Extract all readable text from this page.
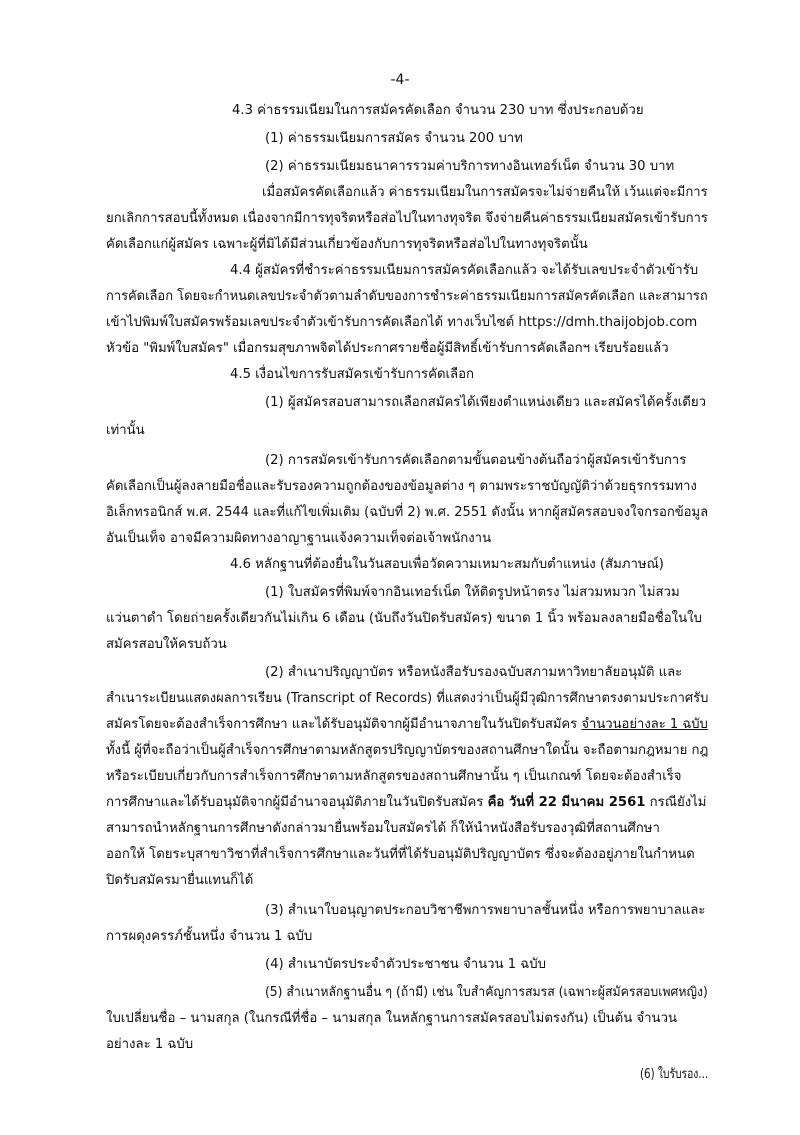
-4-
4.3 ค่าธรรมเนียมในการสมัครคัดเลือก จำนวน 230 บาท ซึ่งประกอบด้วย
(1) ค่าธรรมเนียมการสมัคร จำนวน 200 บาท
(2) ค่าธรรมเนียมธนาคารรวมค่าบริการทางอินเทอร์เน็ต จำนวน 30 บาท
เมื่อสมัครคัดเลือกแล้ว ค่าธรรมเนียมในการสมัครจะไม่จ่ายคืนให้ เว้นแต่จะมีการ
ยกเลิกการสอบนี้ทั้งหมด เนื่องจากมีการทุจริตหรือส่อไปในทางทุจริต จึงจ่ายคืนค่าธรรมเนียมสมัครเข้ารับการ
คัดเลือกแก่ผู้สมัคร เฉพาะผู้ที่มิได้มีส่วนเกี่ยวข้องกับการทุจริตหรือส่อไปในทางทุจริตนั้น
4.4 ผู้สมัครที่ชำระค่าธรรมเนียมการสมัครคัดเลือกแล้ว จะได้รับเลขประจำตัวเข้ารับ
การคัดเลือก โดยจะกำหนดเลขประจำตัวตามลำดับของการชำระค่าธรรมเนียมการสมัครคัดเลือก และสามารถ
เข้าไปพิมพ์ใบสมัครพร้อมเลขประจำตัวเข้ารับการคัดเลือกได้ ทางเว็บไซต์ https://dmh.thaijobjob.com
หัวข้อ "พิมพ์ใบสมัคร" เมื่อกรมสุขภาพจิตได้ประกาศรายชื่อผู้มีสิทธิ์เข้ารับการคัดเลือกฯ เรียบร้อยแล้ว
4.5 เงื่อนไขการรับสมัครเข้ารับการคัดเลือก
(1) ผู้สมัครสอบสามารถเลือกสมัครได้เพียงตำแหน่งเดียว และสมัครได้ครั้งเดียว
เท่านั้น
(2) การสมัครเข้ารับการคัดเลือกตามขั้นตอนข้างต้นถือว่าผู้สมัครเข้ารับการ
คัดเลือกเป็นผู้ลงลายมือชื่อและรับรองความถูกต้องของข้อมูลต่าง ๆ ตามพระราชบัญญัติว่าด้วยธุรกรรมทาง
อิเล็กทรอนิกส์ พ.ศ. 2544 และที่แก้ไขเพิ่มเติม (ฉบับที่ 2) พ.ศ. 2551 ดังนั้น หากผู้สมัครสอบจงใจกรอกข้อมูล
อันเป็นเท็จ อาจมีความผิดทางอาญาฐานแจ้งความเท็จต่อเจ้าพนักงาน
4.6 หลักฐานที่ต้องยื่นในวันสอบเพื่อวัดความเหมาะสมกับตำแหน่ง (สัมภาษณ์)
(1) ใบสมัครที่พิมพ์จากอินเทอร์เน็ต ให้ติดรูปหน้าตรง ไม่สวมหมวก ไม่สวม
แว่นตาดำ โดยถ่ายครั้งเดียวกันไม่เกิน 6 เดือน (นับถึงวันปิดรับสมัคร) ขนาด 1 นิ้ว พร้อมลงลายมือชื่อในใบ
สมัครสอบให้ครบถ้วน
(2) สำเนาปริญญาบัตร หรือหนังสือรับรองฉบับสภามหาวิทยาลัยอนุมัติ และ
สำเนาระเบียนแสดงผลการเรียน (Transcript of Records) ที่แสดงว่าเป็นผู้มีวุฒิการศึกษาตรงตามประกาศรับ
สมัครโดยจะต้องสำเร็จการศึกษา และได้รับอนุมัติจากผู้มีอำนาจภายในวันปิดรับสมัคร จำนวนอย่างละ 1 ฉบับ
ทั้งนี้ ผู้ที่จะถือว่าเป็นผู้สำเร็จการศึกษาตามหลักสูตรปริญญาบัตรของสถานศึกษาใดนั้น จะถือตามกฎหมาย กฎ
หรือระเบียบเกี่ยวกับการสำเร็จการศึกษาตามหลักสูตรของสถานศึกษานั้น ๆ เป็นเกณฑ์ โดยจะต้องสำเร็จ
การศึกษาและได้รับอนุมัติจากผู้มีอำนาจอนุมัติภายในวันปิดรับสมัคร คือ วันที่ 22 มีนาคม 2561 กรณียังไม่
สามารถนำหลักฐานการศึกษาดังกล่าวมายื่นพร้อมใบสมัครได้ ก็ให้นำหนังสือรับรองวุฒิที่สถานศึกษา
ออกให้ โดยระบุสาขาวิชาที่สำเร็จการศึกษาและวันที่ที่ได้รับอนุมัติปริญญาบัตร ซึ่งจะต้องอยู่ภายในกำหนด
ปิดรับสมัครมายื่นแทนก็ได้
(3) สำเนาใบอนุญาตประกอบวิชาชีพการพยาบาลชั้นหนึ่ง หรือการพยาบาลและ
การผดุงครรภ์ชั้นหนึ่ง จำนวน 1 ฉบับ
(4) สำเนาบัตรประจำตัวประชาชน จำนวน 1 ฉบับ
(5) สำเนาหลักฐานอื่น ๆ (ถ้ามี) เช่น ใบสำคัญการสมรส (เฉพาะผู้สมัครสอบเพศหญิง)
ใบเปลี่ยนชื่อ – นามสกุล (ในกรณีที่ชื่อ – นามสกุล ในหลักฐานการสมัครสอบไม่ตรงกัน) เป็นต้น จำนวน
อย่างละ 1 ฉบับ
(6) ใบรับรอง...
